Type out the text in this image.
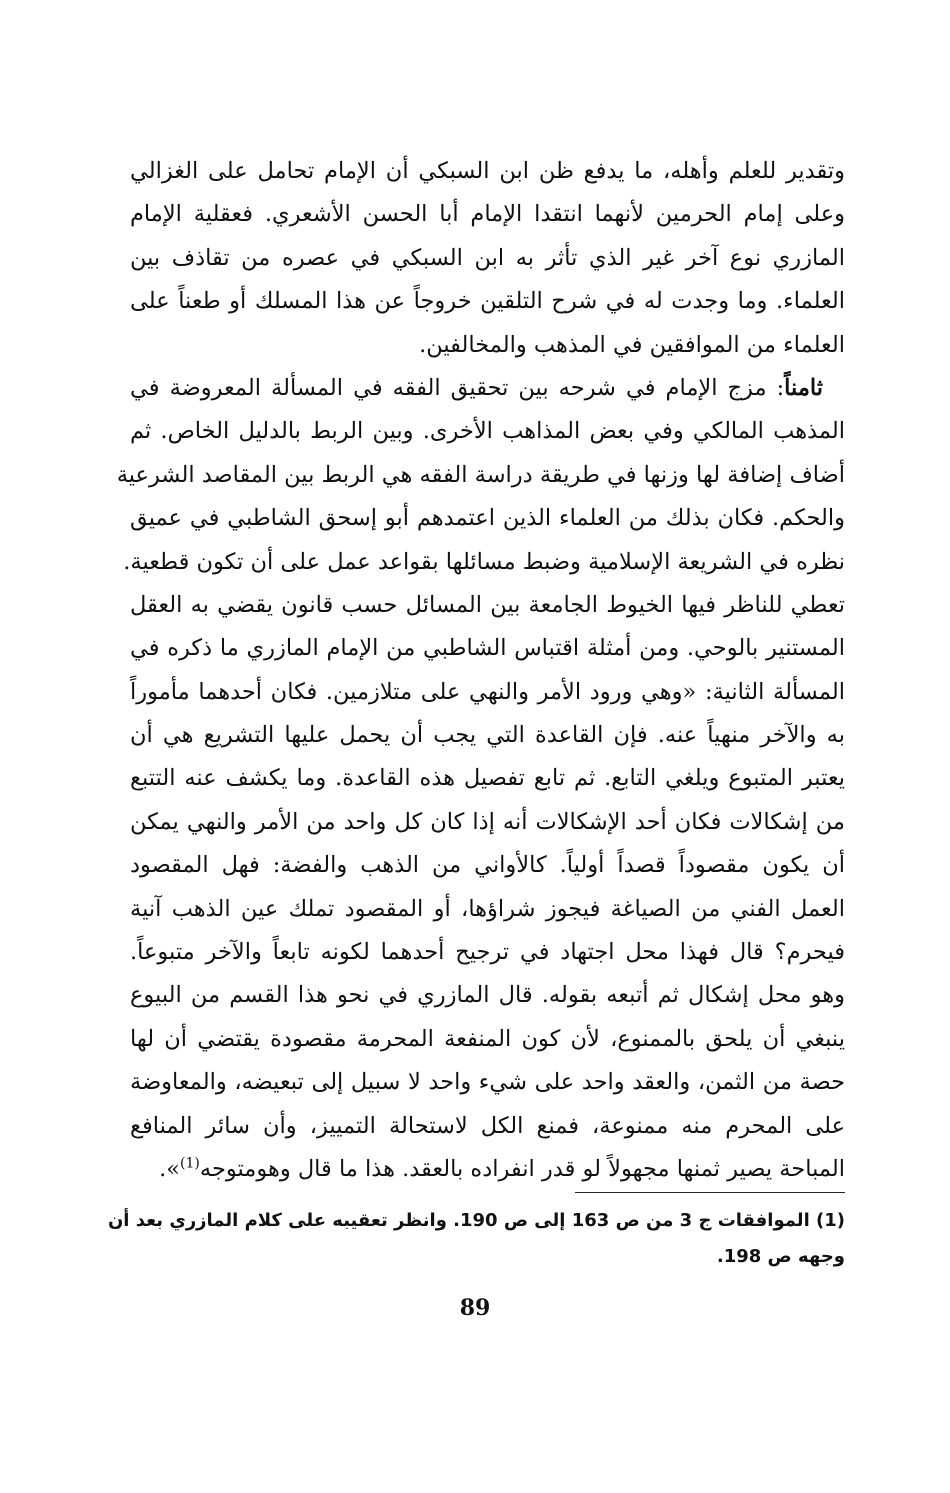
وتقدير للعلم وأهله، ما يدفع ظن ابن السبكي أن الإمام تحامل على الغزالي
وعلى إمام الحرمين لأنهما انتقدا الإمام أبا الحسن الأشعري. فعقلية الإمام
المازري نوع آخر غير الذي تأثر به ابن السبكي في عصره من تقاذف بين
العلماء. وما وجدت له في شرح التلقين خروجاً عن هذا المسلك أو طعناً على
العلماء من الموافقين في المذهب والمخالفين.
ثامناً: مزج الإمام في شرحه بين تحقيق الفقه في المسألة المعروضة في
المذهب المالكي وفي بعض المذاهب الأخرى. وبين الربط بالدليل الخاص. ثم
أضاف إضافة لها وزنها في طريقة دراسة الفقه هي الربط بين المقاصد الشرعية
والحكم. فكان بذلك من العلماء الذين اعتمدهم أبو إسحق الشاطبي في عميق
نظره في الشريعة الإسلامية وضبط مسائلها بقواعد عمل على أن تكون قطعية.
تعطي للناظر فيها الخيوط الجامعة بين المسائل حسب قانون يقضي به العقل
المستنير بالوحي. ومن أمثلة اقتباس الشاطبي من الإمام المازري ما ذكره في
المسألة الثانية: «وهي ورود الأمر والنهي على متلازمين. فكان أحدهما مأموراً
به والآخر منهياً عنه. فإن القاعدة التي يجب أن يحمل عليها التشريع هي أن
يعتبر المتبوع ويلغي التابع. ثم تابع تفصيل هذه القاعدة. وما يكشف عنه التتبع
من إشكالات فكان أحد الإشكالات أنه إذا كان كل واحد من الأمر والنهي يمكن
أن يكون مقصوداً قصداً أولياً. كالأواني من الذهب والفضة: فهل المقصود
العمل الفني من الصياغة فيجوز شراؤها، أو المقصود تملك عين الذهب آنية
فيحرم؟ قال فهذا محل اجتهاد في ترجيح أحدهما لكونه تابعاً والآخر متبوعاً.
وهو محل إشكال ثم أتبعه بقوله. قال المازري في نحو هذا القسم من البيوع
ينبغي أن يلحق بالممنوع، لأن كون المنفعة المحرمة مقصودة يقتضي أن لها
حصة من الثمن، والعقد واحد على شيء واحد لا سبيل إلى تبعيضه، والمعاوضة
على المحرم منه ممنوعة، فمنع الكل لاستحالة التمييز، وأن سائر المنافع
المباحة يصير ثمنها مجهولاً لو قدر انفراده بالعقد. هذا ما قال وهومتوجه$^{(1)}$».
(1) الموافقات ج 3 من ص 163 إلى ص 190. وانظر تعقيبه على كلام المازري بعد أن
وجهه ص 198.
89
